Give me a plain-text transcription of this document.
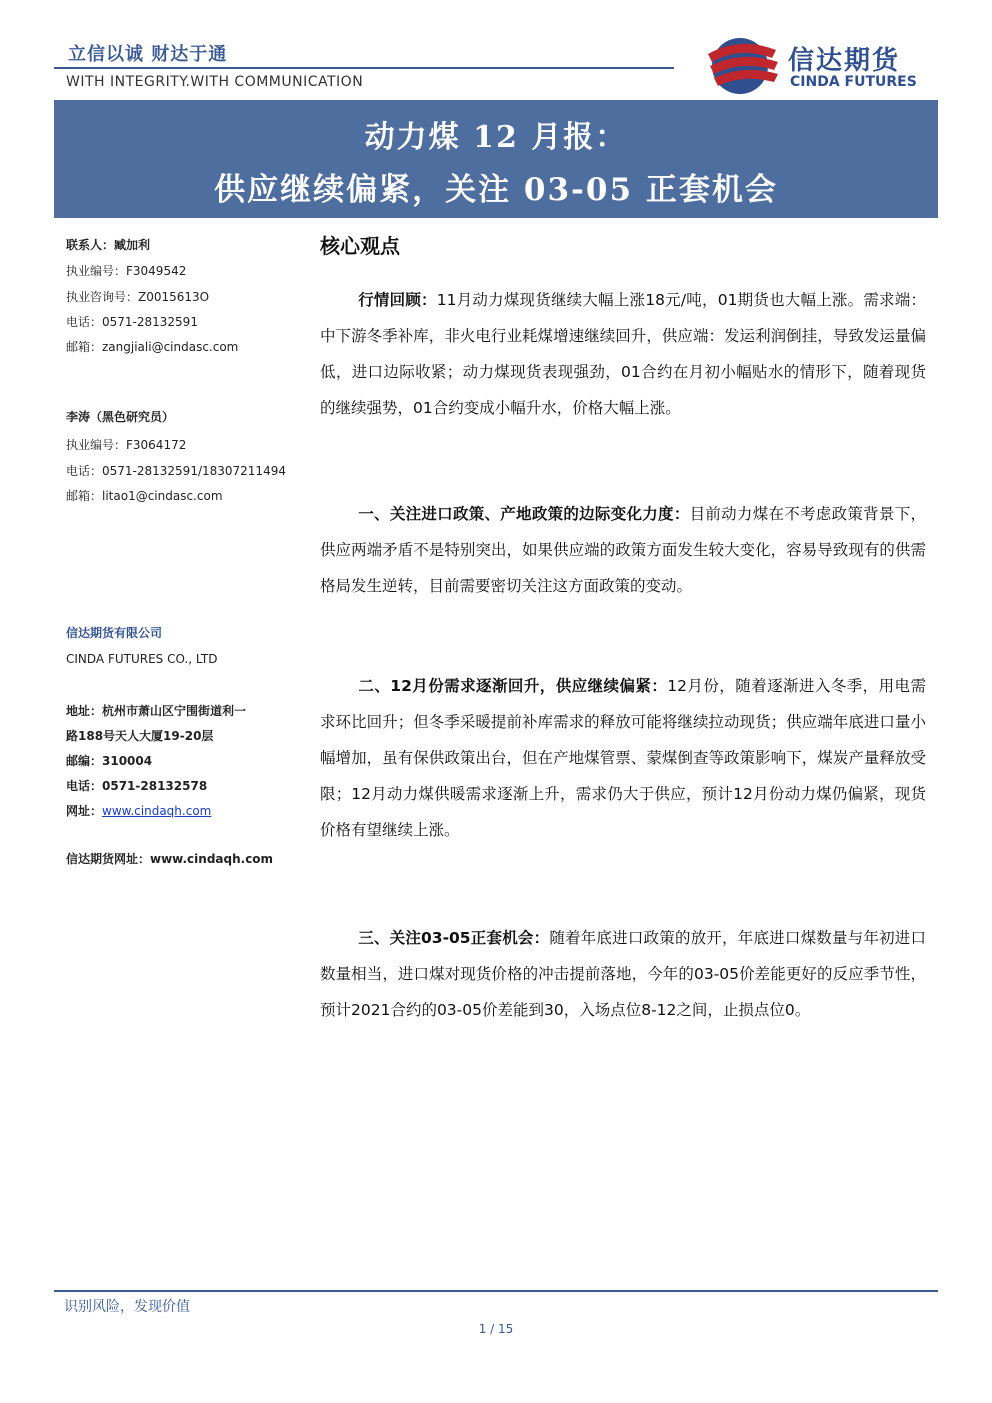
立信以诚 财达于通
WITH INTEGRITY.WITH COMMUNICATION
信达期货
CINDA FUTURES
动力煤 12 月报：
供应继续偏紧，关注 03-05 正套机会
联系人：臧加利
执业编号：F3049542
执业咨询号：Z0015613O
电话：0571-28132591
邮箱：zangjiali@cindasc.com
李涛（黑色研究员）
执业编号：F3064172
电话：0571-28132591/18307211494
邮箱：litao1@cindasc.com
信达期货有限公司
CINDA FUTURES CO., LTD
地址：杭州市萧山区宁围街道利一
路188号天人大厦19-20层
邮编：310004
电话：0571-28132578
网址：www.cindaqh.com
信达期货网址：www.cindaqh.com
核心观点
行情回顾：11月动力煤现货继续大幅上涨18元/吨，01期货也大幅上涨。需求端：中下游冬季补库，非火电行业耗煤增速继续回升，供应端：发运利润倒挂，导致发运量偏低，进口边际收紧；动力煤现货表现强劲，01合约在月初小幅贴水的情形下，随着现货的继续强势，01合约变成小幅升水，价格大幅上涨。
一、关注进口政策、产地政策的边际变化力度：目前动力煤在不考虑政策背景下，供应两端矛盾不是特别突出，如果供应端的政策方面发生较大变化，容易导致现有的供需格局发生逆转，目前需要密切关注这方面政策的变动。
二、12月份需求逐渐回升，供应继续偏紧：12月份，随着逐渐进入冬季，用电需求环比回升；但冬季采暖提前补库需求的释放可能将继续拉动现货；供应端年底进口量小幅增加，虽有保供政策出台，但在产地煤管票、蒙煤倒查等政策影响下，煤炭产量释放受限；12月动力煤供暖需求逐渐上升，需求仍大于供应，预计12月份动力煤仍偏紧，现货价格有望继续上涨。
三、关注03-05正套机会：随着年底进口政策的放开，年底进口煤数量与年初进口数量相当，进口煤对现货价格的冲击提前落地，今年的03-05价差能更好的反应季节性，预计2021合约的03-05价差能到30，入场点位8-12之间，止损点位0。
识别风险，发现价值
1 / 15
